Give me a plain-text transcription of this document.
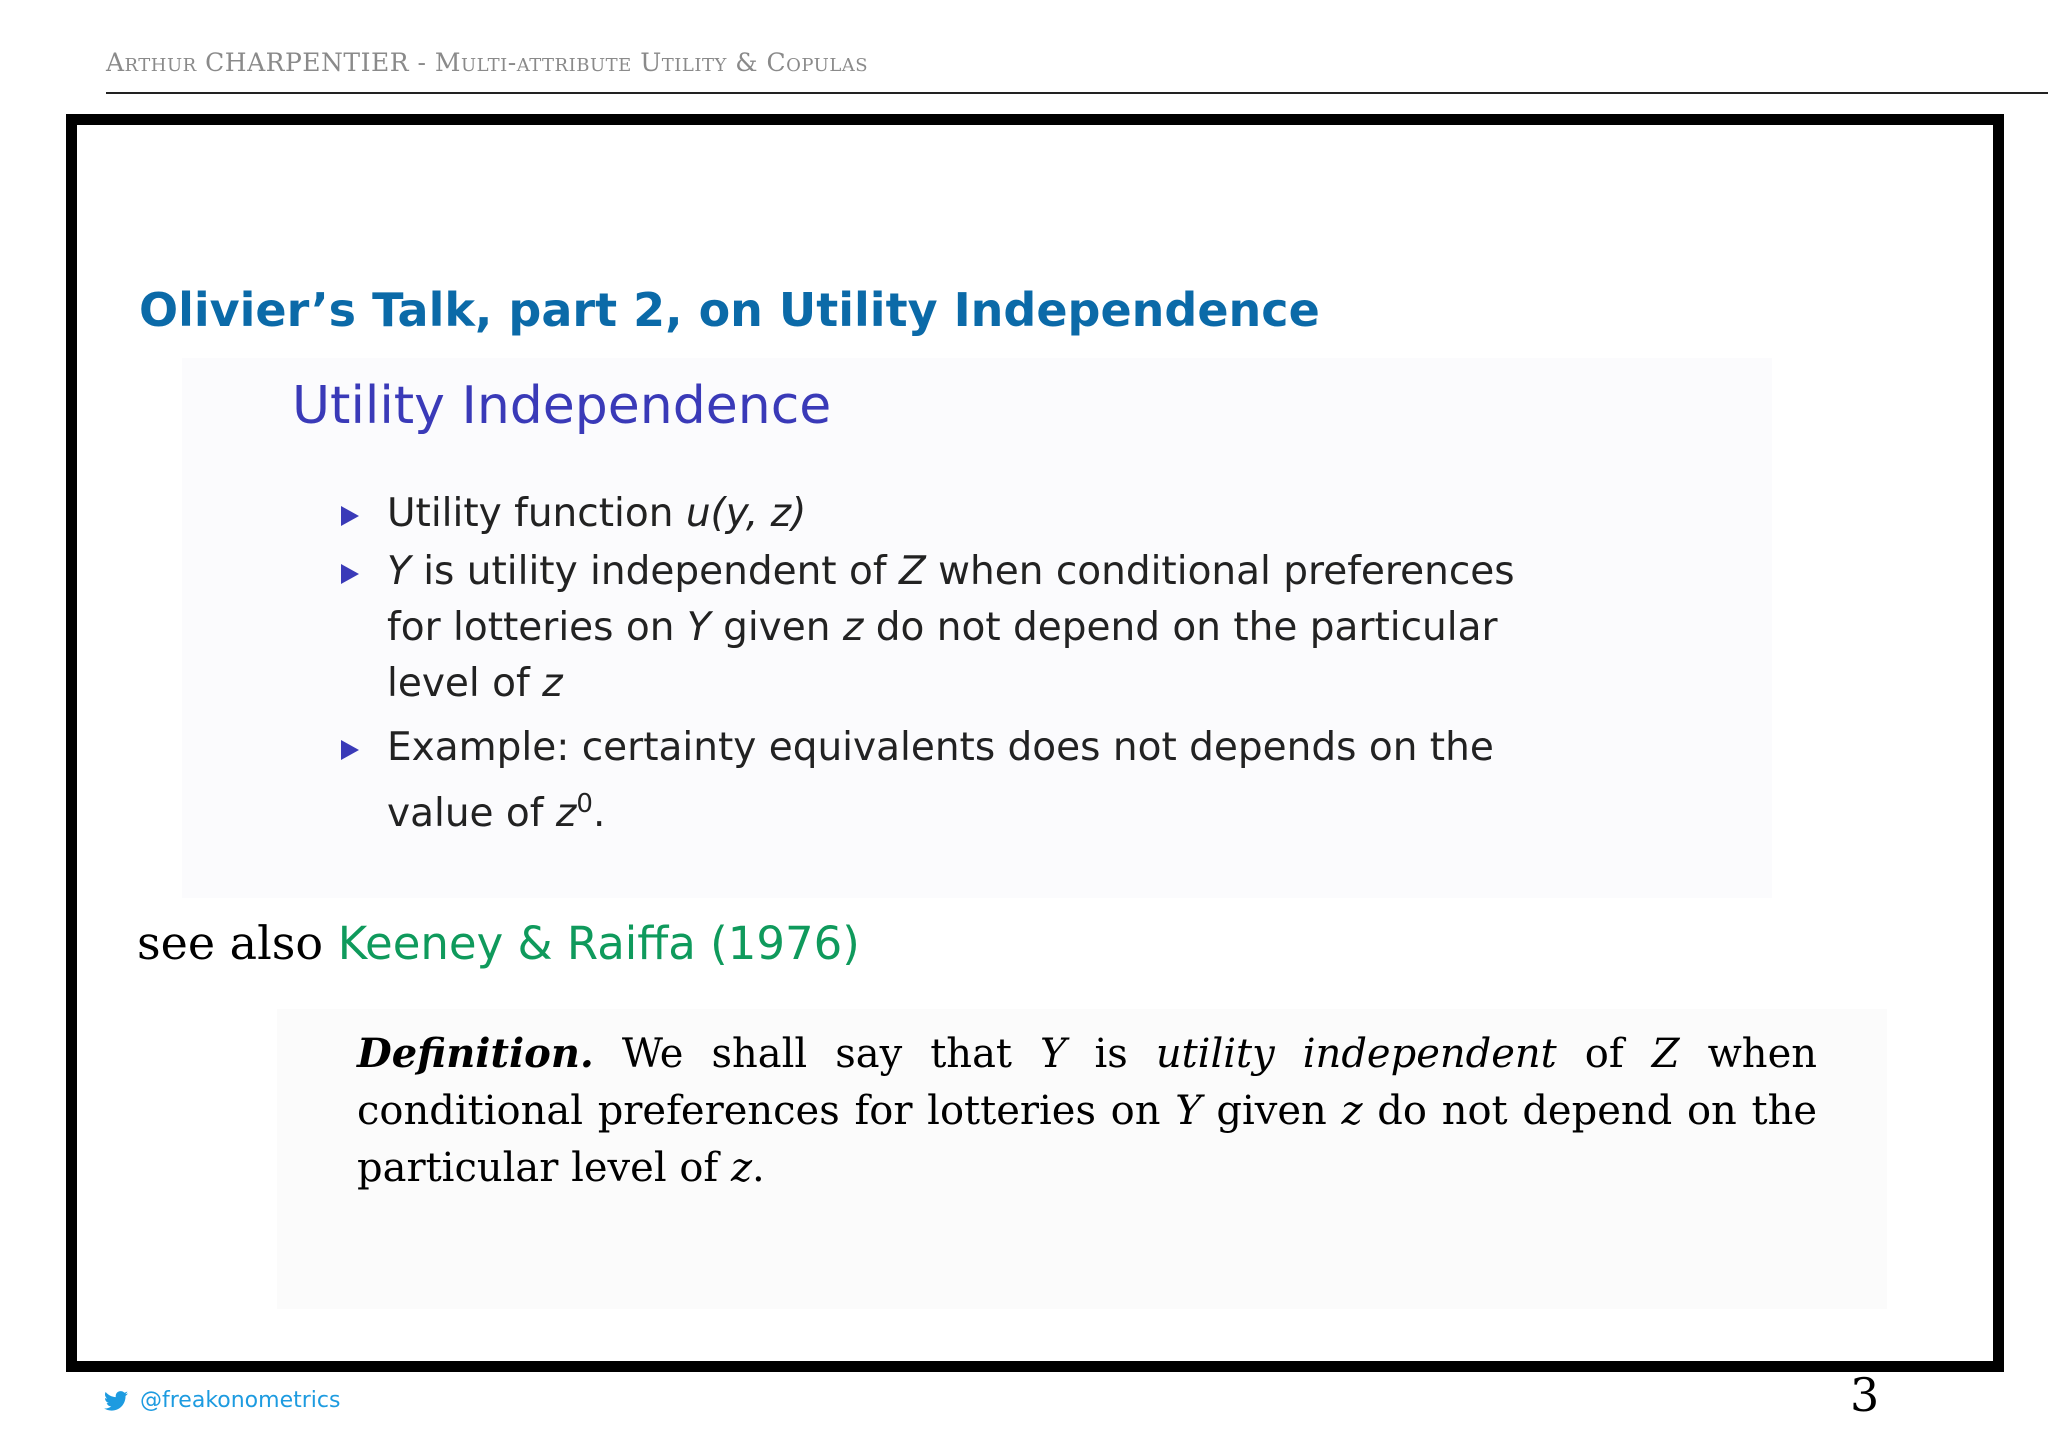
Arthur CHARPENTIER - Multi-attribute Utility & Copulas
Olivier’s Talk, part 2, on Utility Independence
Utility Independence
Utility function u(y, z)
Y is utility independent of Z when conditional preferences for lotteries on Y given z do not depend on the particular level of z
Example: certainty equivalents does not depends on the value of $z^0$.
see also Keeney & Raiffa (1976)
Definition. We shall say that Y is utility independent of Z when conditional preferences for lotteries on Y given z do not depend on the particular level of z.
@freakonometrics	3
